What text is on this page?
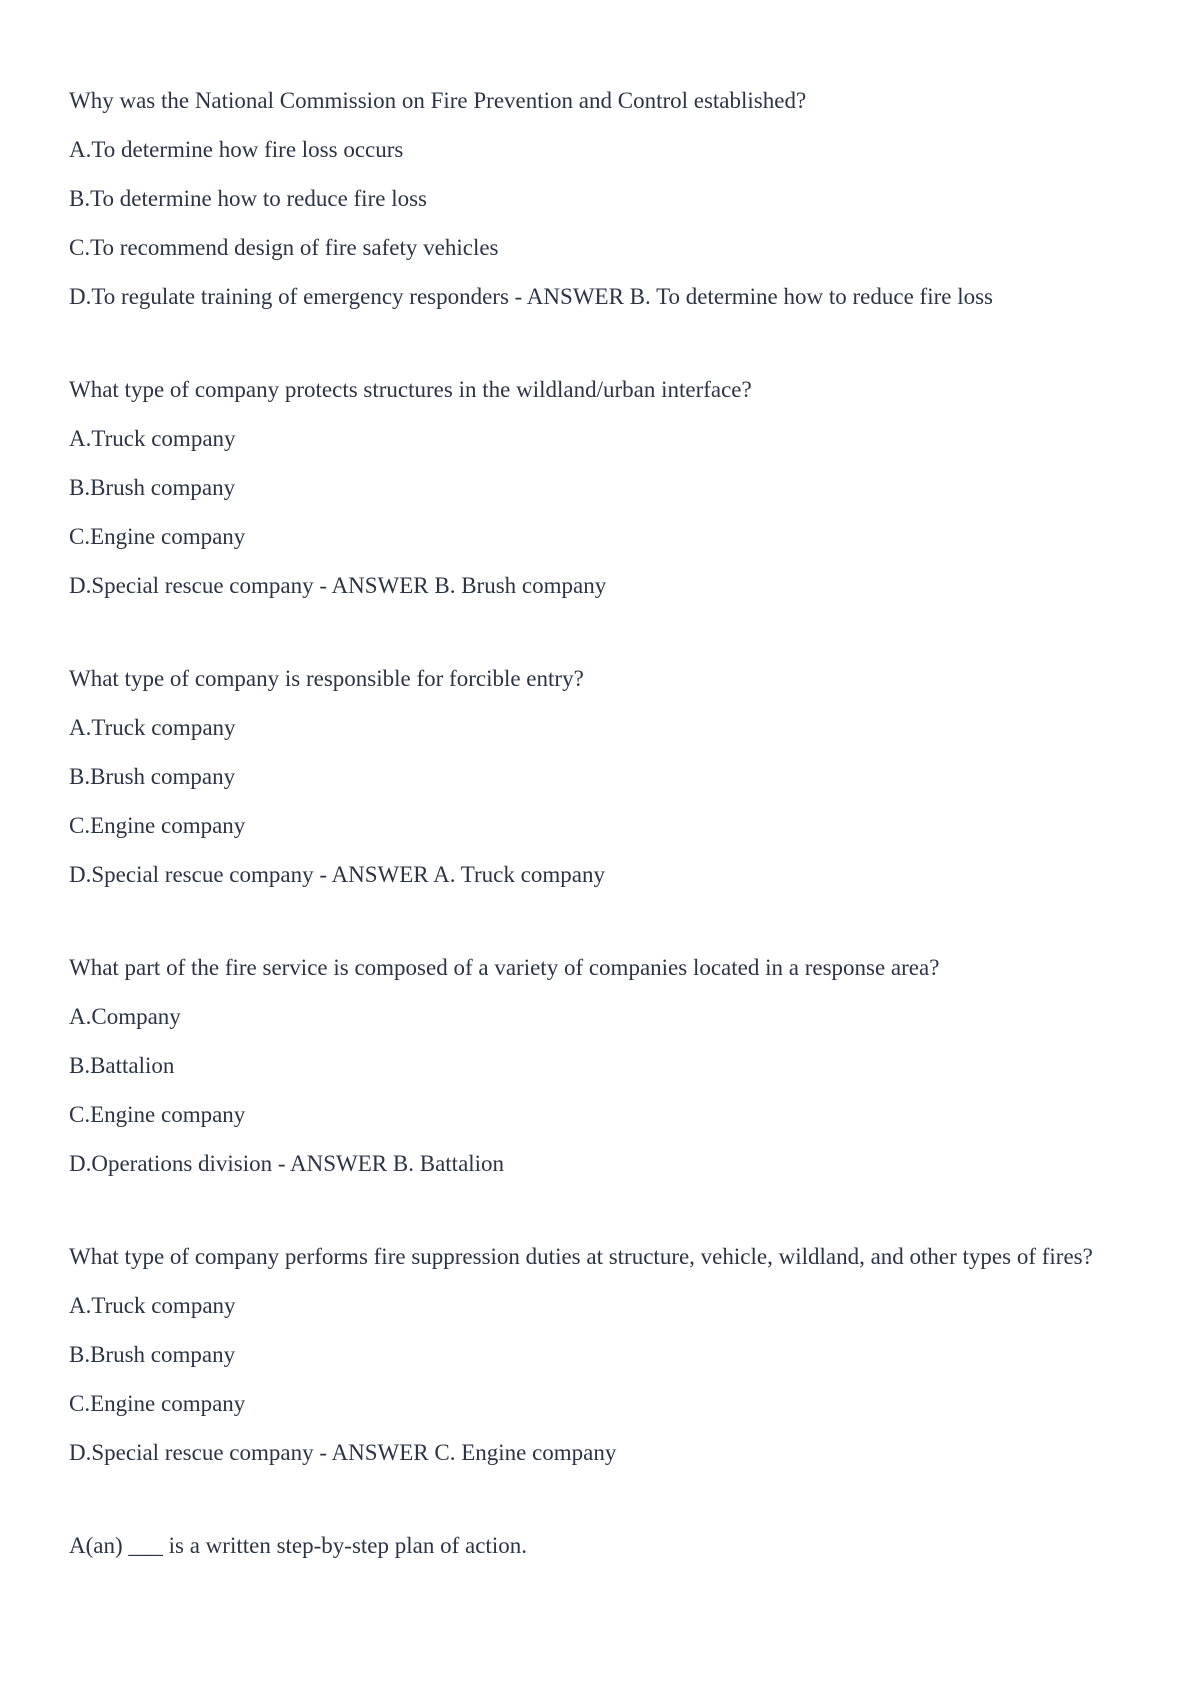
Why was the National Commission on Fire Prevention and Control established?

A.To determine how fire loss occurs

B.To determine how to reduce fire loss

C.To recommend design of fire safety vehicles

D.To regulate training of emergency responders - ANSWER B. To determine how to reduce fire loss

What type of company protects structures in the wildland/urban interface?

A.Truck company

B.Brush company

C.Engine company

D.Special rescue company - ANSWER B. Brush company

What type of company is responsible for forcible entry?

A.Truck company

B.Brush company

C.Engine company

D.Special rescue company - ANSWER A. Truck company

What part of the fire service is composed of a variety of companies located in a response area?

A.Company

B.Battalion

C.Engine company

D.Operations division - ANSWER B. Battalion

What type of company performs fire suppression duties at structure, vehicle, wildland, and other types of fires?

A.Truck company

B.Brush company

C.Engine company

D.Special rescue company - ANSWER C. Engine company

A(an) ___ is a written step-by-step plan of action.
